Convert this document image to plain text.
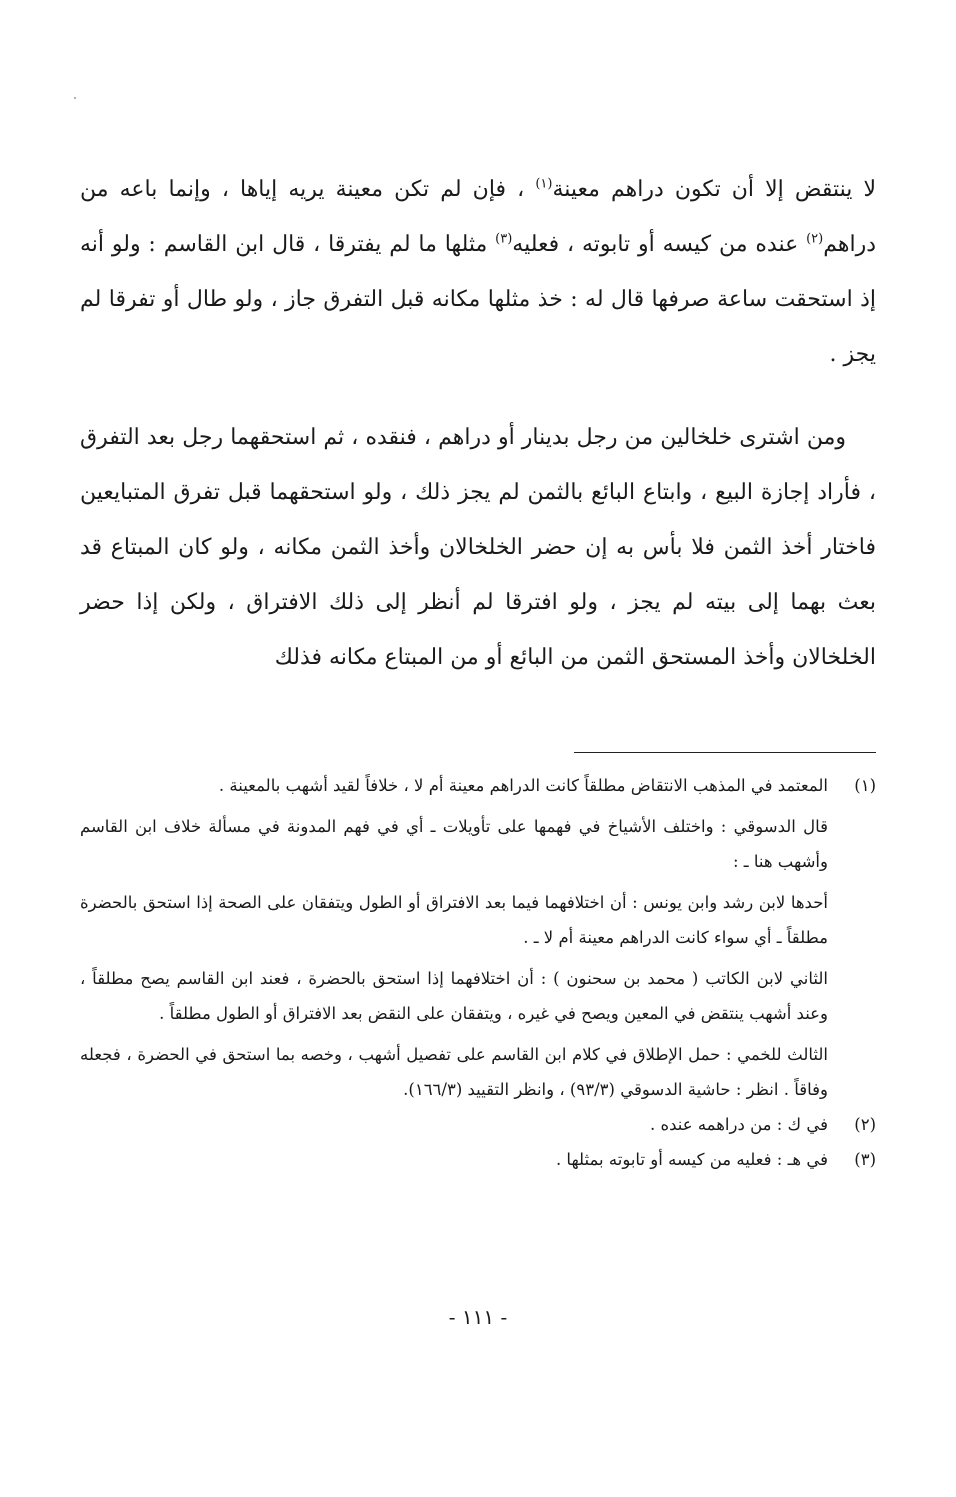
لا ينتقض إلا أن تكون دراهم معينة$^{(١)}$ ، فإن لم تكن معينة يريه إياها ، وإنما باعه من دراهم$^{(٢)}$ عنده من كيسه أو تابوته ، فعليه$^{(٣)}$ مثلها ما لم يفترقا ، قال ابن القاسم : ولو أنه إذ استحقت ساعة صرفها قال له : خذ مثلها مكانه قبل التفرق جاز ، ولو طال أو تفرقا لم يجز .

ومن اشترى خلخالين من رجل بدينار أو دراهم ، فنقده ، ثم استحقهما رجل بعد التفرق ، فأراد إجازة البيع ، وابتاع البائع بالثمن لم يجز ذلك ، ولو استحقهما قبل تفرق المتبايعين فاختار أخذ الثمن فلا بأس به إن حضر الخلخالان وأخذ الثمن مكانه ، ولو كان المبتاع قد بعث بهما إلى بيته لم يجز ، ولو افترقا لم أنظر إلى ذلك الافتراق ، ولكن إذا حضر الخلخالان وأخذ المستحق الثمن من البائع أو من المبتاع مكانه فذلك

(١)

المعتمد في المذهب الانتقاض مطلقاً كانت الدراهم معينة أم لا ، خلافاً لقيد أشهب بالمعينة .

قال الدسوقي : واختلف الأشياخ في فهمها على تأويلات ـ أي في فهم المدونة في مسألة خلاف ابن القاسم وأشهب هنا ـ :

أحدها لابن رشد وابن يونس : أن اختلافهما فيما بعد الافتراق أو الطول ويتفقان على الصحة إذا استحق بالحضرة مطلقاً ـ أي سواء كانت الدراهم معينة أم لا ـ .

الثاني لابن الكاتب ( محمد بن سحنون ) : أن اختلافهما إذا استحق بالحضرة ، فعند ابن القاسم يصح مطلقاً ، وعند أشهب ينتقض في المعين ويصح في غيره ، ويتفقان على النقض بعد الافتراق أو الطول مطلقاً .

الثالث للخمي : حمل الإطلاق في كلام ابن القاسم على تفصيل أشهب ، وخصه بما استحق في الحضرة ، فجعله وفاقاً . انظر : حاشية الدسوقي (٩٣/٣) ، وانظر التقييد (١٦٦/٣).

(٢)

في ك : من دراهمه عنده .

(٣)

في هـ : فعليه من كيسه أو تابوته بمثلها .

- ١١١ -
